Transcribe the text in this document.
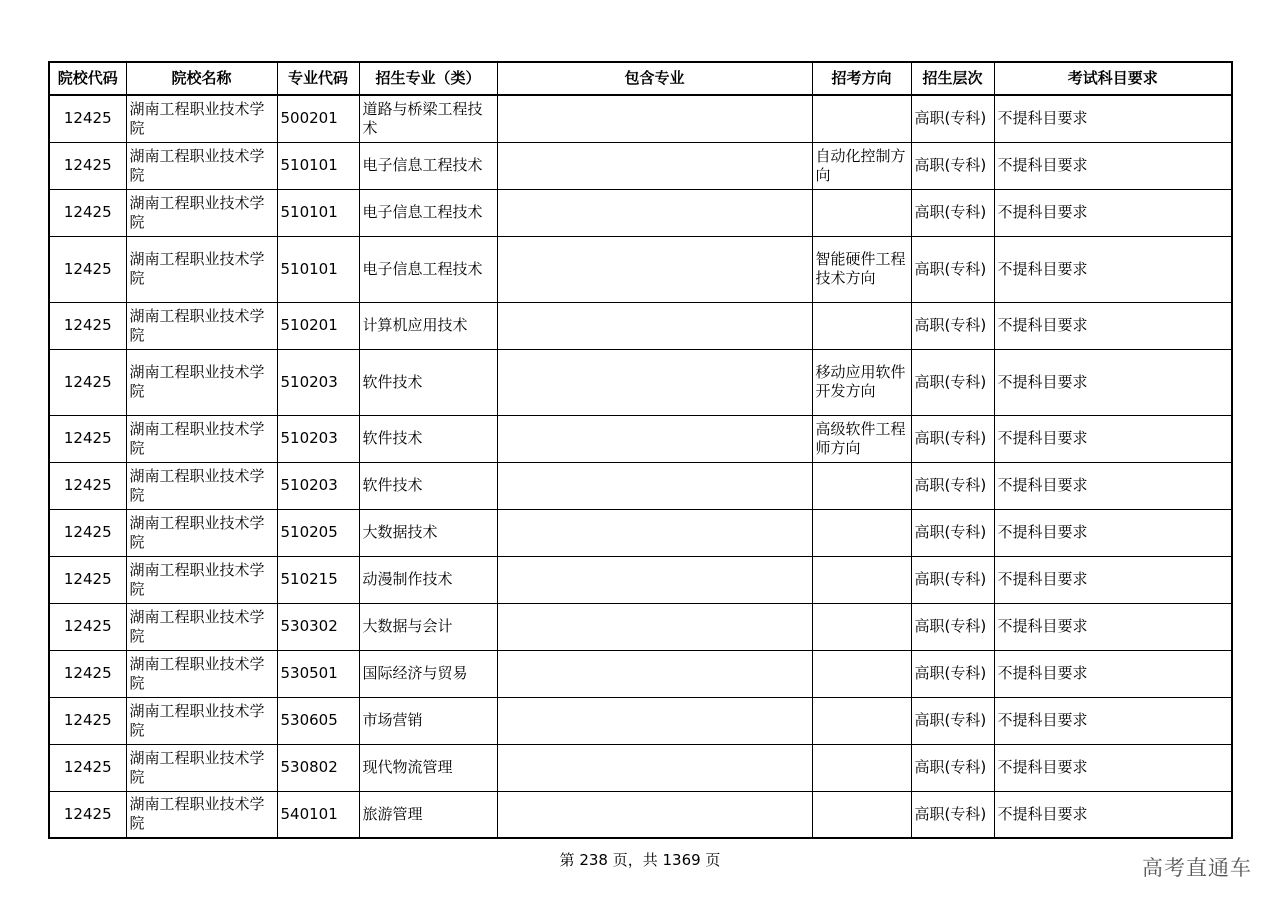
院校代码	院校名称	专业代码	招生专业（类）	包含专业	招考方向	招生层次	考试科目要求
12425	湖南工程职业技术学院	500201	道路与桥梁工程技术			高职(专科)	不提科目要求
12425	湖南工程职业技术学院	510101	电子信息工程技术		自动化控制方向	高职(专科)	不提科目要求
12425	湖南工程职业技术学院	510101	电子信息工程技术			高职(专科)	不提科目要求
12425	湖南工程职业技术学院	510101	电子信息工程技术		智能硬件工程技术方向	高职(专科)	不提科目要求
12425	湖南工程职业技术学院	510201	计算机应用技术			高职(专科)	不提科目要求
12425	湖南工程职业技术学院	510203	软件技术		移动应用软件开发方向	高职(专科)	不提科目要求
12425	湖南工程职业技术学院	510203	软件技术		高级软件工程师方向	高职(专科)	不提科目要求
12425	湖南工程职业技术学院	510203	软件技术			高职(专科)	不提科目要求
12425	湖南工程职业技术学院	510205	大数据技术			高职(专科)	不提科目要求
12425	湖南工程职业技术学院	510215	动漫制作技术			高职(专科)	不提科目要求
12425	湖南工程职业技术学院	530302	大数据与会计			高职(专科)	不提科目要求
12425	湖南工程职业技术学院	530501	国际经济与贸易			高职(专科)	不提科目要求
12425	湖南工程职业技术学院	530605	市场营销			高职(专科)	不提科目要求
12425	湖南工程职业技术学院	530802	现代物流管理			高职(专科)	不提科目要求
12425	湖南工程职业技术学院	540101	旅游管理			高职(专科)	不提科目要求
第 238 页，共 1369 页	高考直通车
